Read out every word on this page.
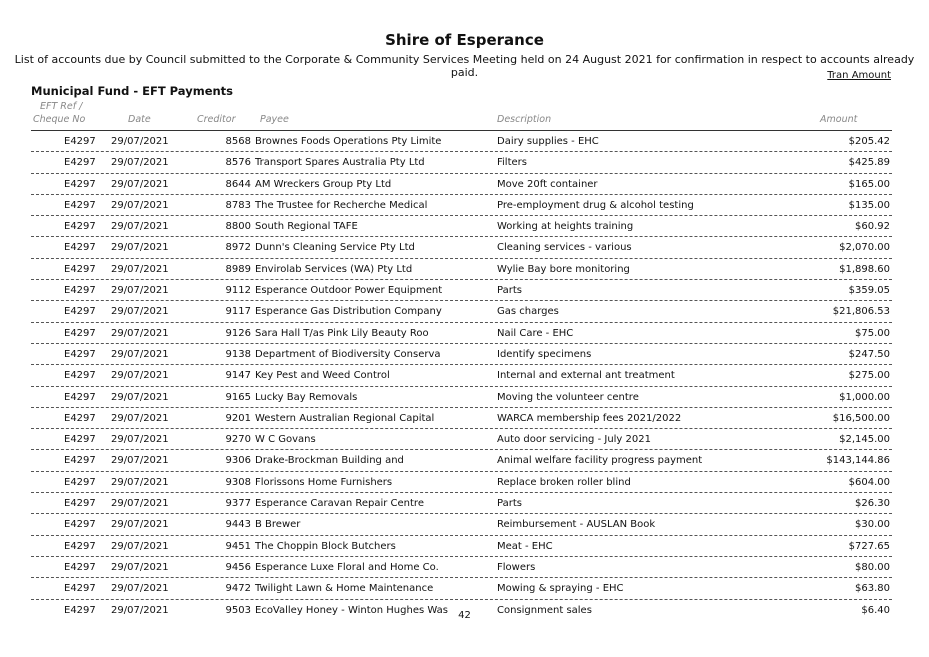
Shire of Esperance
List of accounts due by Council submitted to the Corporate & Community Services Meeting held on 24 August 2021 for confirmation in respect to accounts already paid.	Tran Amount
Municipal Fund - EFT Payments
EFT Ref /
Cheque No	Date	Creditor	Payee	Description	Amount
E4297 29/07/2021	8568 Brownes Foods Operations Pty Limite	Dairy supplies - EHC	$205.42
E4297 29/07/2021	8576 Transport Spares Australia Pty Ltd	Filters	$425.89
E4297 29/07/2021	8644 AM Wreckers Group Pty Ltd	Move 20ft container	$165.00
E4297 29/07/2021	8783 The Trustee for Recherche Medical	Pre-employment drug & alcohol testing	$135.00
E4297 29/07/2021	8800 South Regional TAFE	Working at heights training	$60.92
E4297 29/07/2021	8972 Dunn's Cleaning Service Pty Ltd	Cleaning services - various	$2,070.00
E4297 29/07/2021	8989 Envirolab Services (WA) Pty Ltd	Wylie Bay bore monitoring	$1,898.60
E4297 29/07/2021	9112 Esperance Outdoor Power Equipment	Parts	$359.05
E4297 29/07/2021	9117 Esperance Gas Distribution Company	Gas charges	$21,806.53
E4297 29/07/2021	9126 Sara Hall T/as Pink Lily Beauty Roo	Nail Care - EHC	$75.00
E4297 29/07/2021	9138 Department of Biodiversity Conserva	Identify specimens	$247.50
E4297 29/07/2021	9147 Key Pest and Weed Control	Internal and external ant treatment	$275.00
E4297 29/07/2021	9165 Lucky Bay Removals	Moving the volunteer centre	$1,000.00
E4297 29/07/2021	9201 Western Australian Regional Capital	WARCA membership fees 2021/2022	$16,500.00
E4297 29/07/2021	9270 W C Govans	Auto door servicing - July 2021	$2,145.00
E4297 29/07/2021	9306 Drake-Brockman Building and	Animal welfare facility progress payment	$143,144.86
E4297 29/07/2021	9308 Florissons Home Furnishers	Replace broken roller blind	$604.00
E4297 29/07/2021	9377 Esperance Caravan Repair Centre	Parts	$26.30
E4297 29/07/2021	9443 B Brewer	Reimbursement - AUSLAN Book	$30.00
E4297 29/07/2021	9451 The Choppin Block Butchers	Meat - EHC	$727.65
E4297 29/07/2021	9456 Esperance Luxe Floral and Home Co.	Flowers	$80.00
E4297 29/07/2021	9472 Twilight Lawn & Home Maintenance	Mowing & spraying - EHC	$63.80
E4297 29/07/2021	9503 EcoValley Honey - Winton Hughes Was	Consignment sales	$6.40
42
